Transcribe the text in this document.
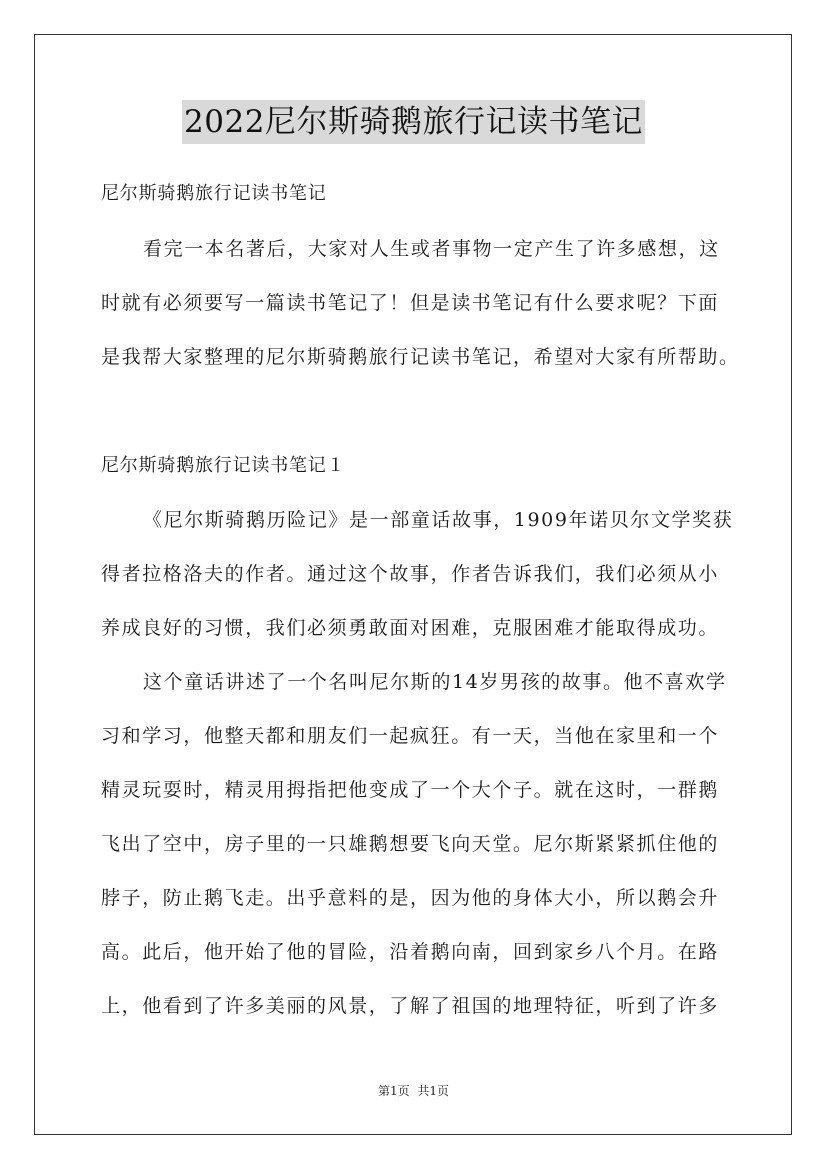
2022尼尔斯骑鹅旅行记读书笔记
尼尔斯骑鹅旅行记读书笔记
看完一本名著后，大家对人生或者事物一定产生了许多感想，这
时就有必须要写一篇读书笔记了！但是读书笔记有什么要求呢？下面
是我帮大家整理的尼尔斯骑鹅旅行记读书笔记，希望对大家有所帮助。
尼尔斯骑鹅旅行记读书笔记１
《尼尔斯骑鹅历险记》是一部童话故事，1909年诺贝尔文学奖获
得者拉格洛夫的作者。通过这个故事，作者告诉我们，我们必须从小
养成良好的习惯，我们必须勇敢面对困难，克服困难才能取得成功。
这个童话讲述了一个名叫尼尔斯的14岁男孩的故事。他不喜欢学
习和学习，他整天都和朋友们一起疯狂。有一天，当他在家里和一个
精灵玩耍时，精灵用拇指把他变成了一个大个子。就在这时，一群鹅
飞出了空中，房子里的一只雄鹅想要飞向天堂。尼尔斯紧紧抓住他的
脖子，防止鹅飞走。出乎意料的是，因为他的身体大小，所以鹅会升
高。此后，他开始了他的冒险，沿着鹅向南，回到家乡八个月。在路
上，他看到了许多美丽的风景，了解了祖国的地理特征，听到了许多
第1页 共1页
